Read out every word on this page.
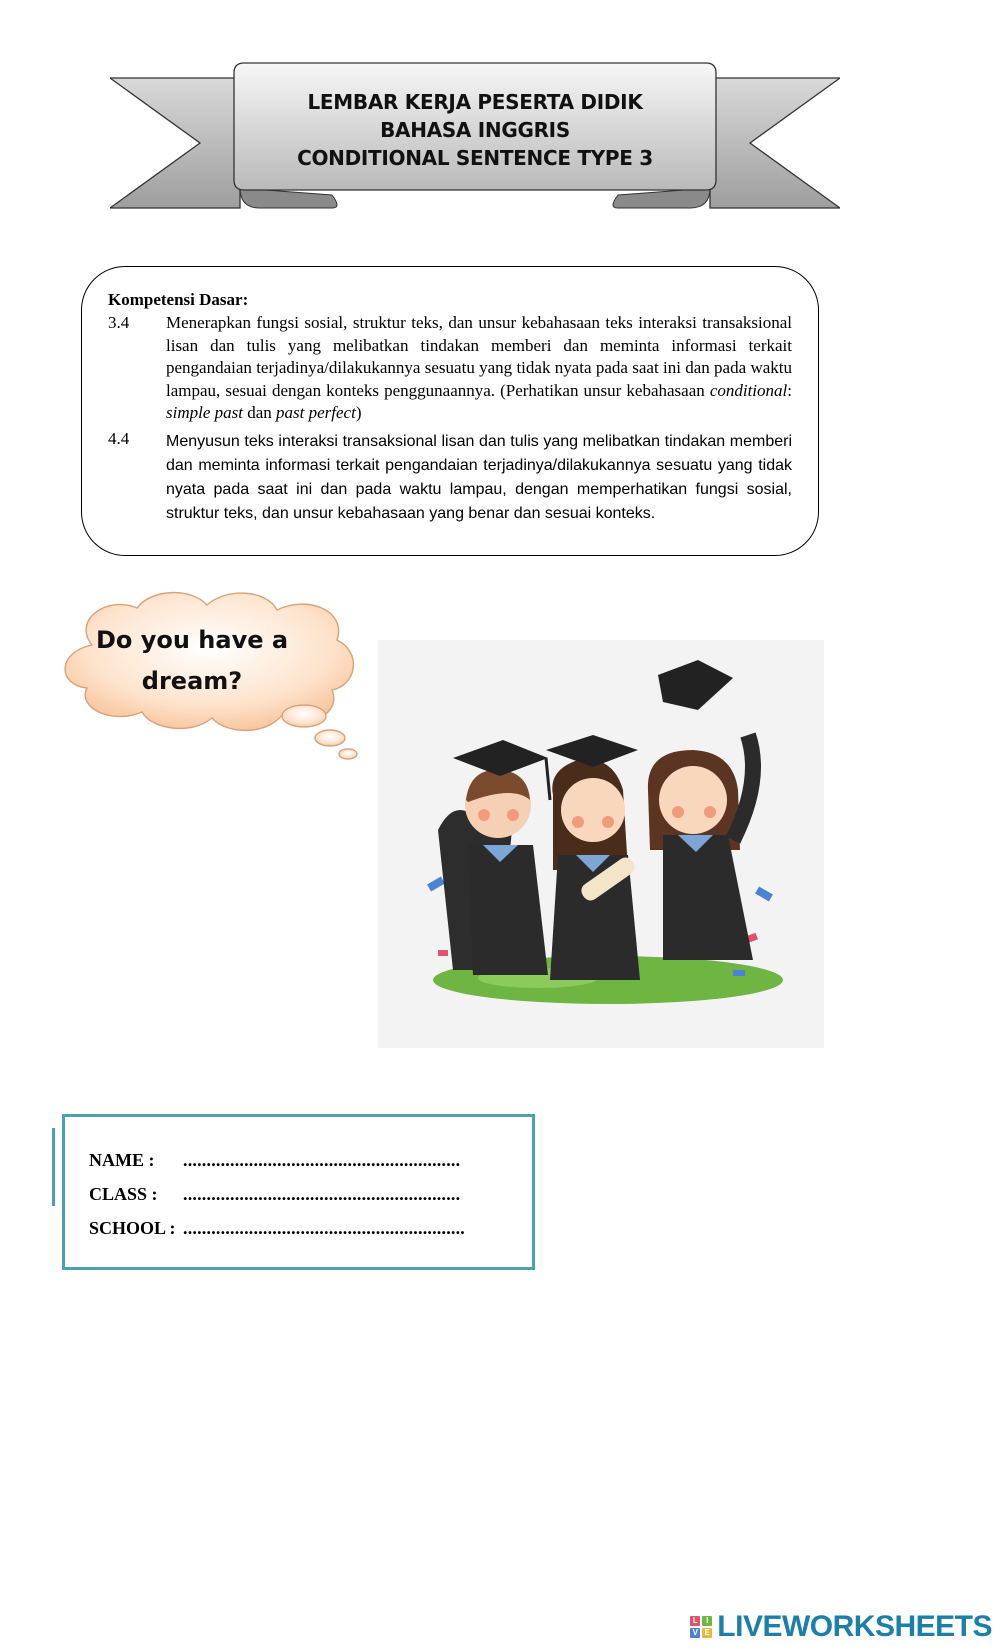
LEMBAR KERJA PESERTA DIDIK
BAHASA INGGRIS
CONDITIONAL SENTENCE TYPE 3
Kompetensi Dasar:
3.4	Menerapkan fungsi sosial, struktur teks, dan unsur kebahasaan teks interaksi transaksional lisan dan tulis yang melibatkan tindakan memberi dan meminta informasi terkait pengandaian terjadinya/dilakukannya sesuatu yang tidak nyata pada saat ini dan pada waktu lampau, sesuai dengan konteks penggunaannya. (Perhatikan unsur kebahasaan conditional: simple past dan past perfect)
4.4	Menyusun teks interaksi transaksional lisan dan tulis yang melibatkan tindakan memberi dan meminta informasi terkait pengandaian terjadinya/dilakukannya sesuatu yang tidak nyata pada saat ini dan pada waktu lampau, dengan memperhatikan fungsi sosial, struktur teks, dan unsur kebahasaan yang benar dan sesuai konteks.
Do you have a
dream?
NAME :	...........................................................
CLASS :	...........................................................
SCHOOL : ............................................................
L	I
V E LIVEWORKSHEETS
